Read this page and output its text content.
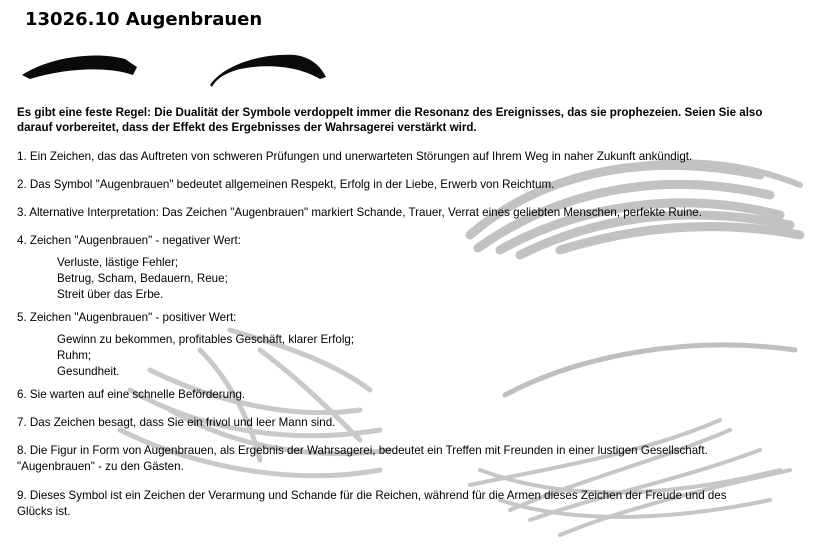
13026.10 Augenbrauen
Es gibt eine feste Regel: Die Dualität der Symbole verdoppelt immer die Resonanz des Ereignisses, das sie prophezeien. Seien Sie also
darauf vorbereitet, dass der Effekt des Ergebnisses der Wahrsagerei verstärkt wird.
1. Ein Zeichen, das das Auftreten von schweren Prüfungen und unerwarteten Störungen auf Ihrem Weg in naher Zukunft ankündigt.
2. Das Symbol "Augenbrauen" bedeutet allgemeinen Respekt, Erfolg in der Liebe, Erwerb von Reichtum.
3. Alternative Interpretation: Das Zeichen "Augenbrauen" markiert Schande, Trauer, Verrat eines geliebten Menschen, perfekte Ruine.
4. Zeichen "Augenbrauen" - negativer Wert:
Verluste, lästige Fehler;
Betrug, Scham, Bedauern, Reue;
Streit über das Erbe.
5. Zeichen "Augenbrauen" - positiver Wert:
Gewinn zu bekommen, profitables Geschäft, klarer Erfolg;
Ruhm;
Gesundheit.
6. Sie warten auf eine schnelle Beförderung.
7. Das Zeichen besagt, dass Sie ein frivol und leer Mann sind.
8. Die Figur in Form von Augenbrauen, als Ergebnis der Wahrsagerei, bedeutet ein Treffen mit Freunden in einer lustigen Gesellschaft.
"Augenbrauen" - zu den Gästen.
9. Dieses Symbol ist ein Zeichen der Verarmung und Schande für die Reichen, während für die Armen dieses Zeichen der Freude und des
Glücks ist.
